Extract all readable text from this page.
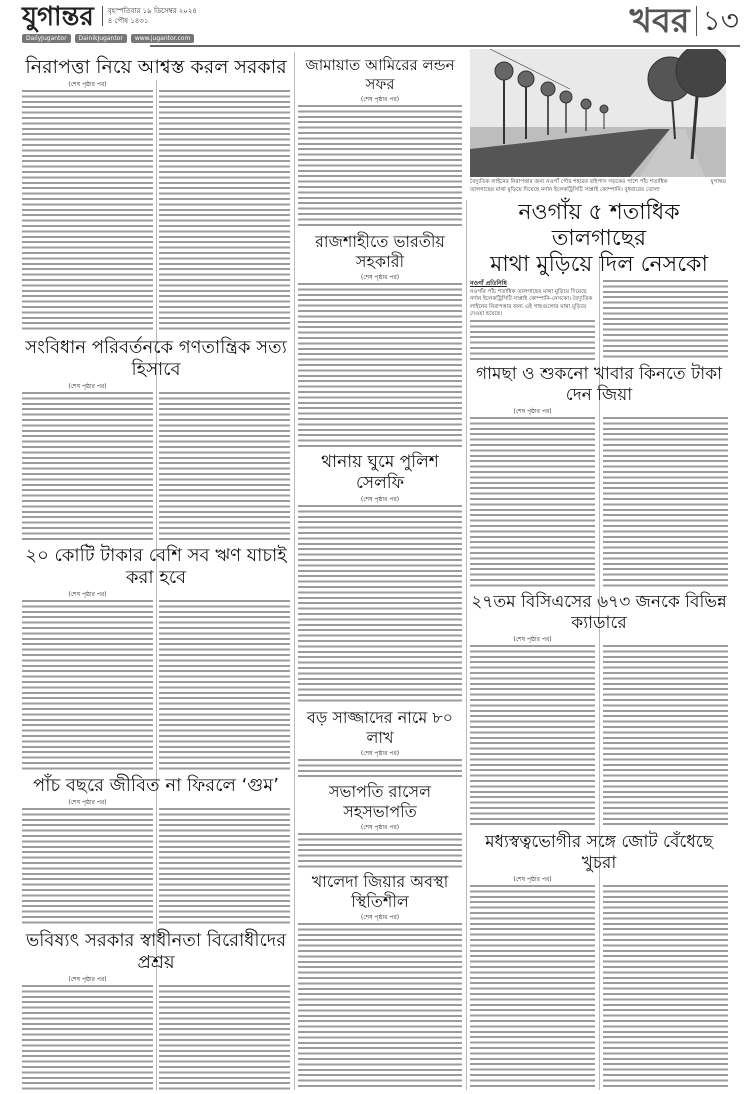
যুগান্তর বৃহস্পতিবার ১৯ ডিসেম্বর ২০২৪
৪ পৌষ ১৪৩১
DailyJugantor	DainikJugantor	www.jugantor.com	খবর ১৩
বৈদ্যুতিক লাইনের নিরাপত্তার জন্য নওগাঁ পৌর শহরের বাইপাস সড়কের পাশে পাঁচ শতাধিক তালগাছের মাথা মুড়িয়ে দিয়েছে নর্দান ইলেকট্রিসিটি সাপ্লাই কোম্পানি। বুধবারের তোলা
যুগান্তর
নিরাপত্তা নিয়ে আশ্বস্ত করল সরকার
(শেষ পৃষ্ঠার পর)
সংবিধান পরিবর্তনকে গণতান্ত্রিক সত্য হিসাবে
(শেষ পৃষ্ঠার পর)
২০ কোটি টাকার বেশি সব ঋণ যাচাই করা হবে
(শেষ পৃষ্ঠার পর)
পাঁচ বছরে জীবিত না ফিরলে ‘গুম’
(শেষ পৃষ্ঠার পর)
ভবিষ্যৎ সরকার স্বাধীনতা বিরোধীদের প্রশ্রয়
(শেষ পৃষ্ঠার পর)
জামায়াত আমিরের লন্ডন সফর
(শেষ পৃষ্ঠার পর)
রাজশাহীতে ভারতীয় সহকারী
(শেষ পৃষ্ঠার পর)
থানায় ঘুমে পুলিশ সেলফি
(শেষ পৃষ্ঠার পর)
বড় সাজ্জাদের নামে ৮০ লাখ
(শেষ পৃষ্ঠার পর)
সভাপতি রাসেল সহসভাপতি
(শেষ পৃষ্ঠার পর)
খালেদা জিয়ার অবস্থা স্থিতিশীল
(শেষ পৃষ্ঠার পর)
নওগাঁয় ৫ শতাধিক তালগাছের
মাথা মুড়িয়ে দিল নেসকো
নওগাঁ প্রতিনিধি
নওগাঁর পাঁচ শতাধিক তালগাছের মাথা মুড়িয়ে দিয়েছে নর্দান ইলেকট্রিসিটি সাপ্লাই কোম্পানি-নেসকো। বৈদ্যুতিক লাইনের নিরাপত্তার জন্য এই গাছগুলোর মাথা মুড়িয়ে দেওয়া হয়েছে।
গামছা ও শুকনো খাবার কিনতে টাকা দেন জিয়া
(শেষ পৃষ্ঠার পর)
২৭তম বিসিএসের ৬৭৩ জনকে বিভিন্ন ক্যাডারে
(শেষ পৃষ্ঠার পর)
মধ্যস্বত্বভোগীর সঙ্গে জোট বেঁধেছে খুচরা
(শেষ পৃষ্ঠার পর)
